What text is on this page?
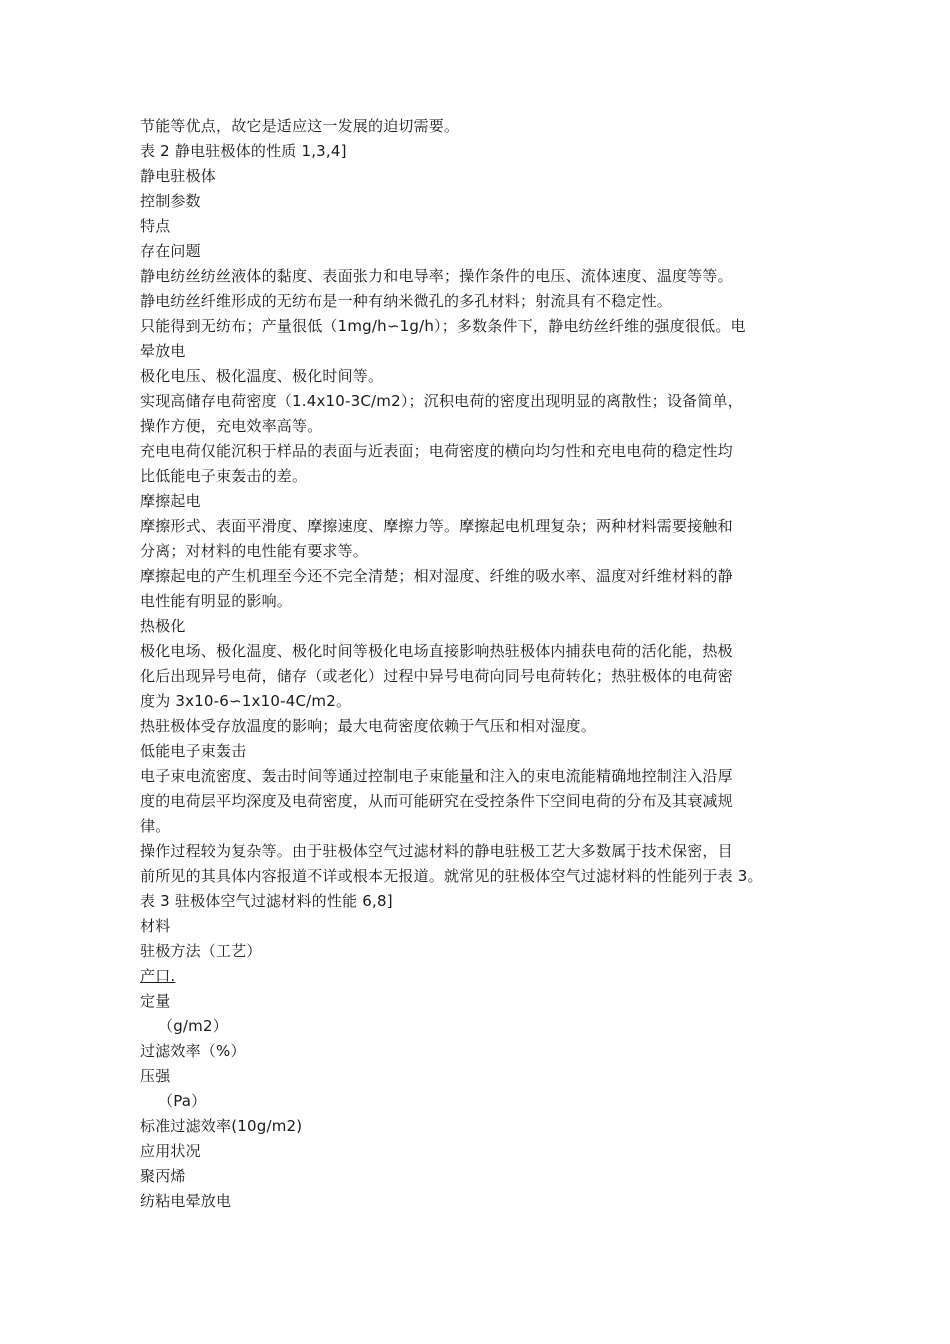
节能等优点，故它是适应这一发展的迫切需要。
表 2 静电驻极体的性质 1,3,4]
静电驻极体
控制参数
特点
存在问题
静电纺丝纺丝液体的黏度、表面张力和电导率；操作条件的电压、流体速度、温度等等。
静电纺丝纤维形成的无纺布是一种有纳米微孔的多孔材料；射流具有不稳定性。
只能得到无纺布；产量很低（1mg/h∽1g/h）；多数条件下，静电纺丝纤维的强度很低。电
晕放电
极化电压、极化温度、极化时间等。
实现高储存电荷密度（1.4x10-3C/m2）；沉积电荷的密度出现明显的离散性；设备简单，
操作方便，充电效率高等。
充电电荷仅能沉积于样品的表面与近表面；电荷密度的横向均匀性和充电电荷的稳定性均
比低能电子束轰击的差。
摩擦起电
摩擦形式、表面平滑度、摩擦速度、摩擦力等。摩擦起电机理复杂；两种材料需要接触和
分离；对材料的电性能有要求等。
摩擦起电的产生机理至今还不完全清楚；相对湿度、纤维的吸水率、温度对纤维材料的静
电性能有明显的影响。
热极化
极化电场、极化温度、极化时间等极化电场直接影响热驻极体内捕获电荷的活化能，热极
化后出现异号电荷，储存（或老化）过程中异号电荷向同号电荷转化；热驻极体的电荷密
度为 3x10-6∽1x10-4C/m2。
热驻极体受存放温度的影响；最大电荷密度依赖于气压和相对湿度。
低能电子束轰击
电子束电流密度、轰击时间等通过控制电子束能量和注入的束电流能精确地控制注入沿厚
度的电荷层平均深度及电荷密度，从而可能研究在受控条件下空间电荷的分布及其衰减规
律。
操作过程较为复杂等。由于驻极体空气过滤材料的静电驻极工艺大多数属于技术保密，目
前所见的其具体内容报道不详或根本无报道。就常见的驻极体空气过滤材料的性能列于表 3。
表 3 驻极体空气过滤材料的性能 6,8]
材料
驻极方法（工艺）
产口.
定量
（g/m2）
过滤效率（%）
压强
（Pa）
标准过滤效率(10g/m2)
应用状况
聚丙烯
纺粘电晕放电
